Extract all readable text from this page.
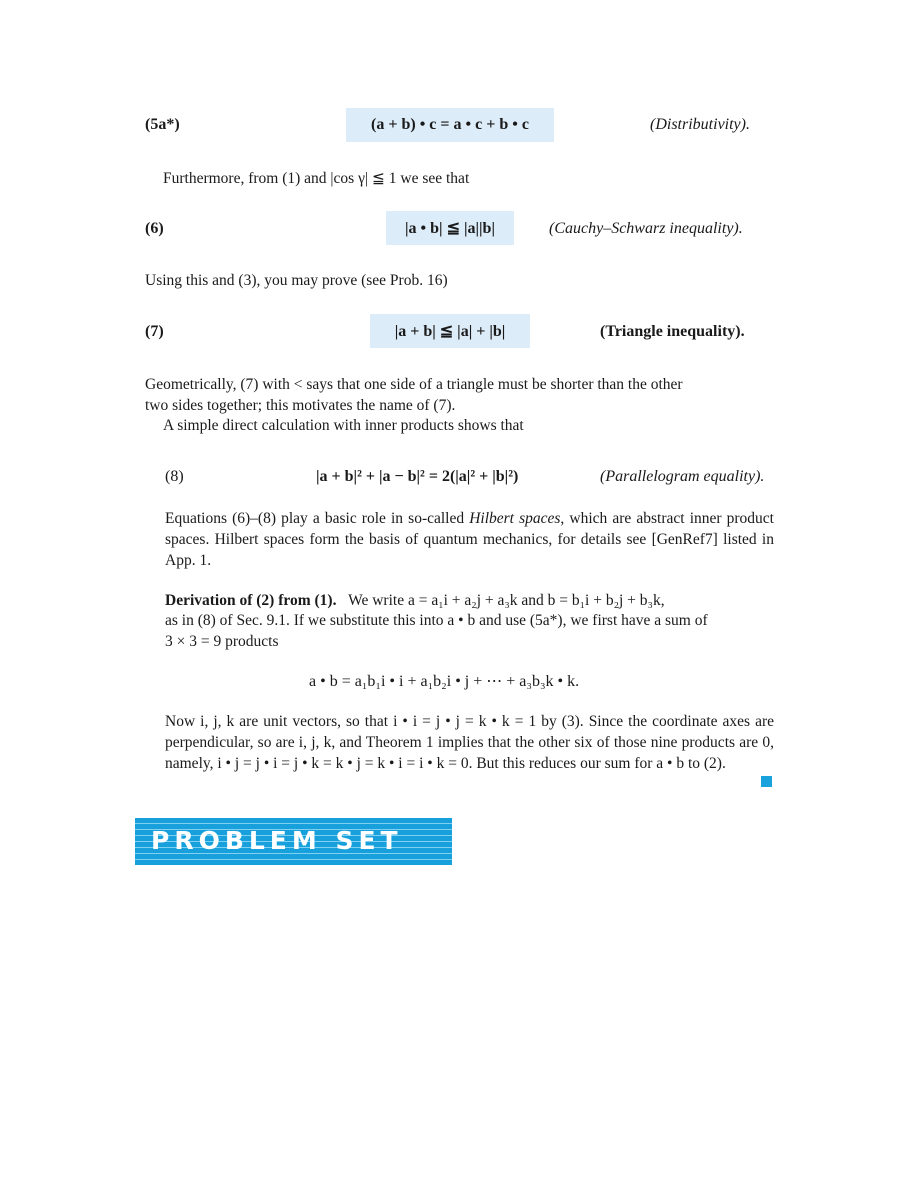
(5a*)	(a + b) • c = a • c + b • c	(Distributivity).
Furthermore, from (1) and |cos γ| ≦ 1 we see that
(6)	|a • b| ≦ |a||b|	(Cauchy–Schwarz inequality).
Using this and (3), you may prove (see Prob. 16)
(7)	|a + b| ≦ |a| + |b|	(Triangle inequality).
Geometrically, (7) with < says that one side of a triangle must be shorter than the other
two sides together; this motivates the name of (7).
A simple direct calculation with inner products shows that
(8)	|a + b|² + |a − b|² = 2(|a|² + |b|²)	(Parallelogram equality).

Equations (6)–(8) play a basic role in so-called Hilbert spaces, which are abstract inner product spaces. Hilbert spaces form the basis of quantum mechanics, for details see [GenRef7] listed in App. 1.

Derivation of (2) from (1). We write a = a₁i + a₂j + a₃k and b = b₁i + b₂j + b₃k,
as in (8) of Sec. 9.1. If we substitute this into a • b and use (5a*), we first have a sum of
3 × 3 = 9 products
a • b = a₁b₁i • i + a₁b₂i • j + ⋯ + a₃b₃k • k.

Now i, j, k are unit vectors, so that i • i = j • j = k • k = 1 by (3). Since the coordinate axes are perpendicular, so are i, j, k, and Theorem 1 implies that the other six of those nine products are 0, namely, i • j = j • i = j • k = k • j = k • i = i • k = 0. But this reduces our sum for a • b to (2).

PROBLEM SET
